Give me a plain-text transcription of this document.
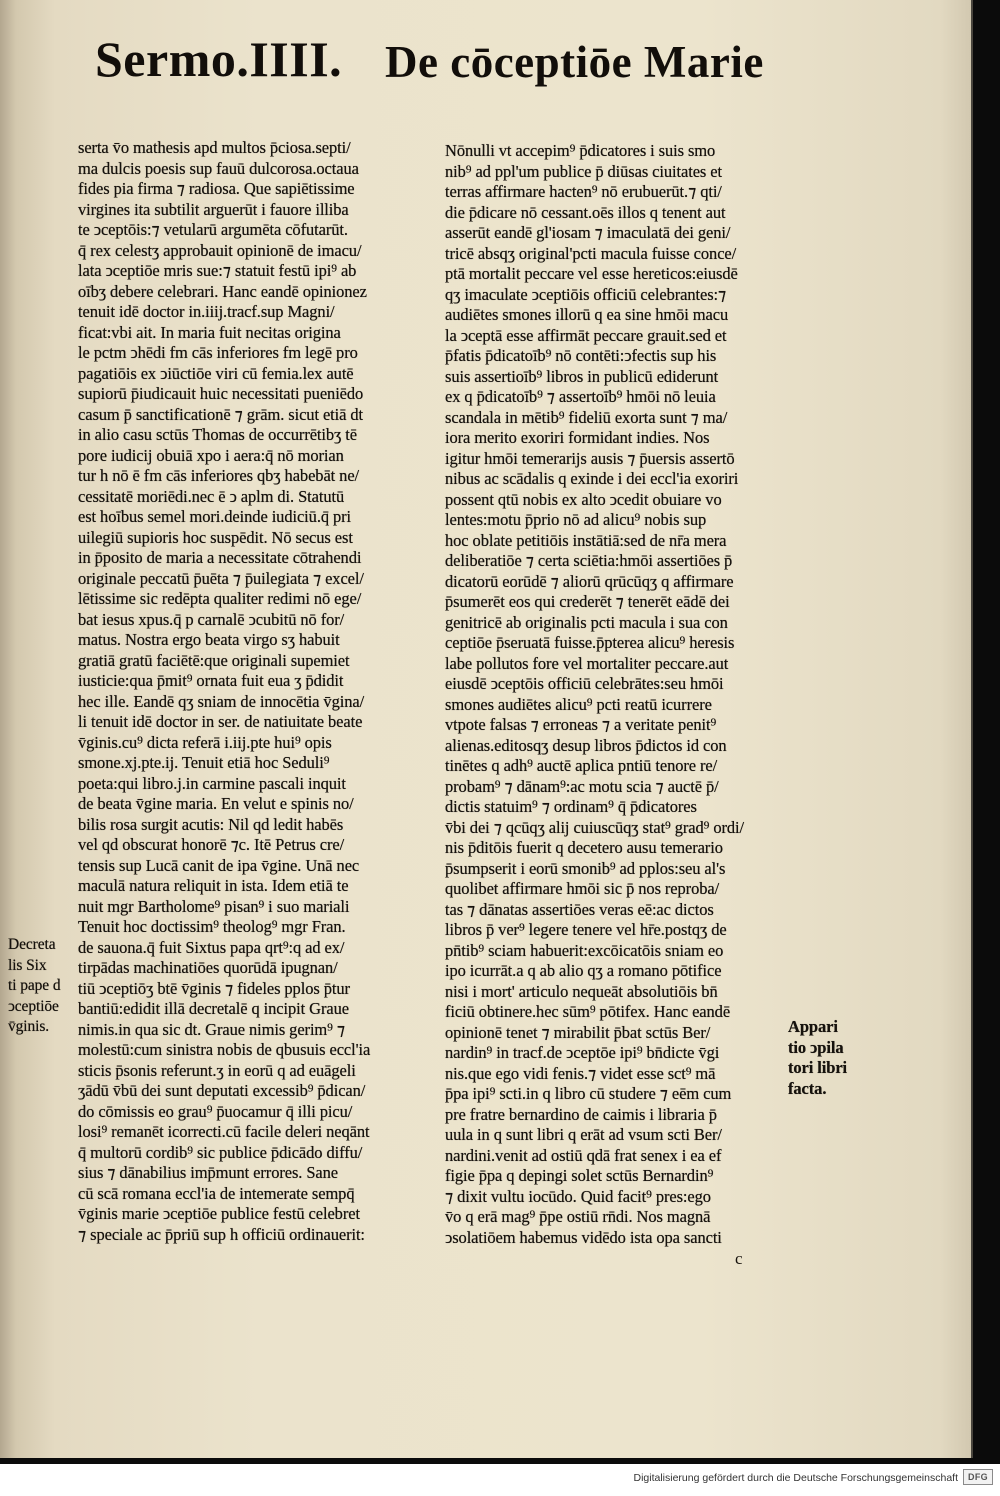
Sermo.IIII. De cōceptiōe Marie
serta v̄o mathesis apd multos p̄ciosa.septi/
ma dulcis poesis sup fauū dulcorosa.octaua
fides pia firma ⁊ radiosa. Que sapiētissime
virgines ita subtilit arguerūt i fauore illiba
te ↄceptōis:⁊ vetularū argumēta cōfutarūt.
q̄ rex celestʒ approbauit opinionē de imacu/
lata ↄceptiōe mris sue:⁊ statuit festū ipi⁹ ab
oībʒ debere celebrari. Hanc eandē opinionez
tenuit idē doctor in.iiij.tracf.sup Magni/
ficat:vbi ait. In maria fuit necitas origina
le pctm ↄhēdi fm cās inferiores fm legē pro
pagatiōis ex ↄiūctiōe viri cū femia.lex autē
supiorū p̄iudicauit huic necessitati pueniēdo
casum p̄ sanctificationē ⁊ grām. sicut etiā dt
in alio casu sctūs Thomas de occurrētibʒ tē
pore iudicij obuiā xpo i aera:q̄ nō morian
tur h nō ē fm cās inferiores qbʒ habebāt ne/
cessitatē moriēdi.nec ē ↄ aplm di. Statutū
est hoībus semel mori.deinde iudiciū.q̄ pri
uilegiū supioris hoc suspēdit. Nō secus est
in p̄posito de maria a necessitate cōtrahendi
originale peccatū p̄uēta ⁊ p̄uilegiata ⁊ excel/
lētissime sic redēpta qualiter redimi nō ege/
bat iesus xpus.q̄ p carnalē ↄcubitū nō for/
matus. Nostra ergo beata virgo sʒ habuit
gratiā gratū faciētē:que originali supemiet
iusticie:qua p̄mit⁹ ornata fuit eua ʒ p̄didit
hec ille. Eandē qʒ sniam de innocētia v̄gina/
li tenuit idē doctor in ser. de natiuitate beate
v̄ginis.cu⁹ dicta referā i.iij.pte hui⁹ opis
smone.xj.pte.ij. Tenuit etiā hoc Seduli⁹
poeta:qui libro.j.in carmine pascali inquit
de beata v̄gine maria. En velut e spinis no/
bilis rosa surgit acutis: Nil qd ledit habēs
vel qd obscurat honorē ⁊c. Itē Petrus cre/
tensis sup Lucā canit de ipa v̄gine. Unā nec
maculā natura reliquit in ista. Idem etiā te
nuit mgr Bartholome⁹ pisan⁹ i suo mariali
Tenuit hoc doctissim⁹ theolog⁹ mgr Fran.
de sauona.q̄ fuit Sixtus papa qrt⁹:q ad ex/
tirpādas machinatiōes quorūdā ipugnan/
tiū ↄceptiōʒ btē v̄ginis ⁊ fideles pplos p̄tur
bantiū:edidit illā decretalē q incipit Graue
nimis.in qua sic dt. Graue nimis gerim⁹ ⁊
molestū:cum sinistra nobis de qbusuis eccl'ia
sticis p̄sonis referunt.ʒ in eorū q ad euāgeli
ʒādū v̄bū dei sunt deputati excessib⁹ p̄dican/
do cōmissis eo grau⁹ p̄uocamur q̄ illi picu/
losi⁹ remanēt icorrecti.cū facile deleri neqānt
q̄ multorū cordib⁹ sic publice p̄dicādo diffu/
sius ⁊ dānabilius imp̄munt errores. Sane
cū scā romana eccl'ia de intemerate sempq̄
v̄ginis marie ↄceptiōe publice festū celebret
⁊ speciale ac p̄priū sup h officiū ordinauerit:
Nōnulli vt accepim⁹ p̄dicatores i suis smo
nib⁹ ad ppl'um publice p̄ diūsas ciuitates et
terras affirmare hacten⁹ nō erubuerūt.⁊ qti/
die p̄dicare nō cessant.oēs illos q tenent aut
asserūt eandē gl'iosam ⁊ imaculatā dei geni/
tricē absqʒ original'pcti macula fuisse conce/
ptā mortalit peccare vel esse hereticos:eiusdē
qʒ imaculate ↄceptiōis officiū celebrantes:⁊
audiētes smones illorū q ea sine hmōi macu
la ↄceptā esse affirmāt peccare grauit.sed et
p̄fatis p̄dicatoīb⁹ nō contēti:ↄfectis sup his
suis assertioīb⁹ libros in publicū ediderunt
ex q p̄dicatoīb⁹ ⁊ assertoīb⁹ hmōi nō leuia
scandala in mētib⁹ fideliū exorta sunt ⁊ ma/
iora merito exoriri formidant indies. Nos
igitur hmōi temerarijs ausis ⁊ p̄uersis assertō
nibus ac scādalis q exinde i dei eccl'ia exoriri
possent qtū nobis ex alto ↄcedit obuiare vo
lentes:motu p̄prio nō ad alicu⁹ nobis sup
hoc oblate petitiōis instātiā:sed de nr̄a mera
deliberatiōe ⁊ certa sciētia:hmōi assertiōes p̄
dicatorū eorūdē ⁊ aliorū qrūcūqʒ q affirmare
p̄sumerēt eos qui crederēt ⁊ tenerēt eādē dei
genitricē ab originalis pcti macula i sua con
ceptiōe p̄seruatā fuisse.p̄pterea alicu⁹ heresis
labe pollutos fore vel mortaliter peccare.aut
eiusdē ↄceptōis officiū celebrātes:seu hmōi
smones audiētes alicu⁹ pcti reatū icurrere
vtpote falsas ⁊ erroneas ⁊ a veritate penit⁹
alienas.editosqʒ desup libros p̄dictos id con
tinētes q adh⁹ auctē aplica pntiū tenore re/
probam⁹ ⁊ dānam⁹:ac motu scia ⁊ auctē p̄/
dictis statuim⁹ ⁊ ordinam⁹ q̄ p̄dicatores
v̄bi dei ⁊ qcūqʒ alij cuiuscūqʒ stat⁹ grad⁹ ordi/
nis p̄ditōis fuerit q decetero ausu temerario
p̄sumpserit i eorū smonib⁹ ad pplos:seu al's
quolibet affirmare hmōi sic p̄ nos reproba/
tas ⁊ dānatas assertiōes veras eē:ac dictos
libros p̄ ver⁹ legere tenere vel hr̄e.postqʒ de
pn̄tib⁹ sciam habuerit:excōicatōis sniam eo
ipo icurrāt.a q ab alio qʒ a romano pōtifice
nisi i mort' articulo nequeāt absolutiōis bn̄
ficiū obtinere.hec sūm⁹ pōtifex. Hanc eandē
opinionē tenet ⁊ mirabilit p̄bat sctūs Ber/
nardin⁹ in tracf.de ↄceptōe ipi⁹ bn̄dicte v̄gi
nis.que ego vidi fenis.⁊ videt esse sct⁹ mā
p̄pa ipi⁹ scti.in q libro cū studere ⁊ eēm cum
pre fratre bernardino de caimis i libraria p̄
uula in q sunt libri q erāt ad vsum scti Ber/
nardini.venit ad ostiū qdā frat senex i ea ef
figie p̄pa q depingi solet sctūs Bernardin⁹
⁊ dixit vultu iocūdo. Quid facit⁹ pres:ego
v̄o q erā mag⁹ p̄pe ostiū rn̄di. Nos magnā
ↄsolatiōem habemus vidēdo ista opa sancti
Decreta
lis Six
ti pape d
ↄceptiōe
v̄ginis.	Appari
tio ↄpila
tori libri
facta.
c
Digitalisierung gefördert durch die Deutsche Forschungsgemeinschaft	DFG
